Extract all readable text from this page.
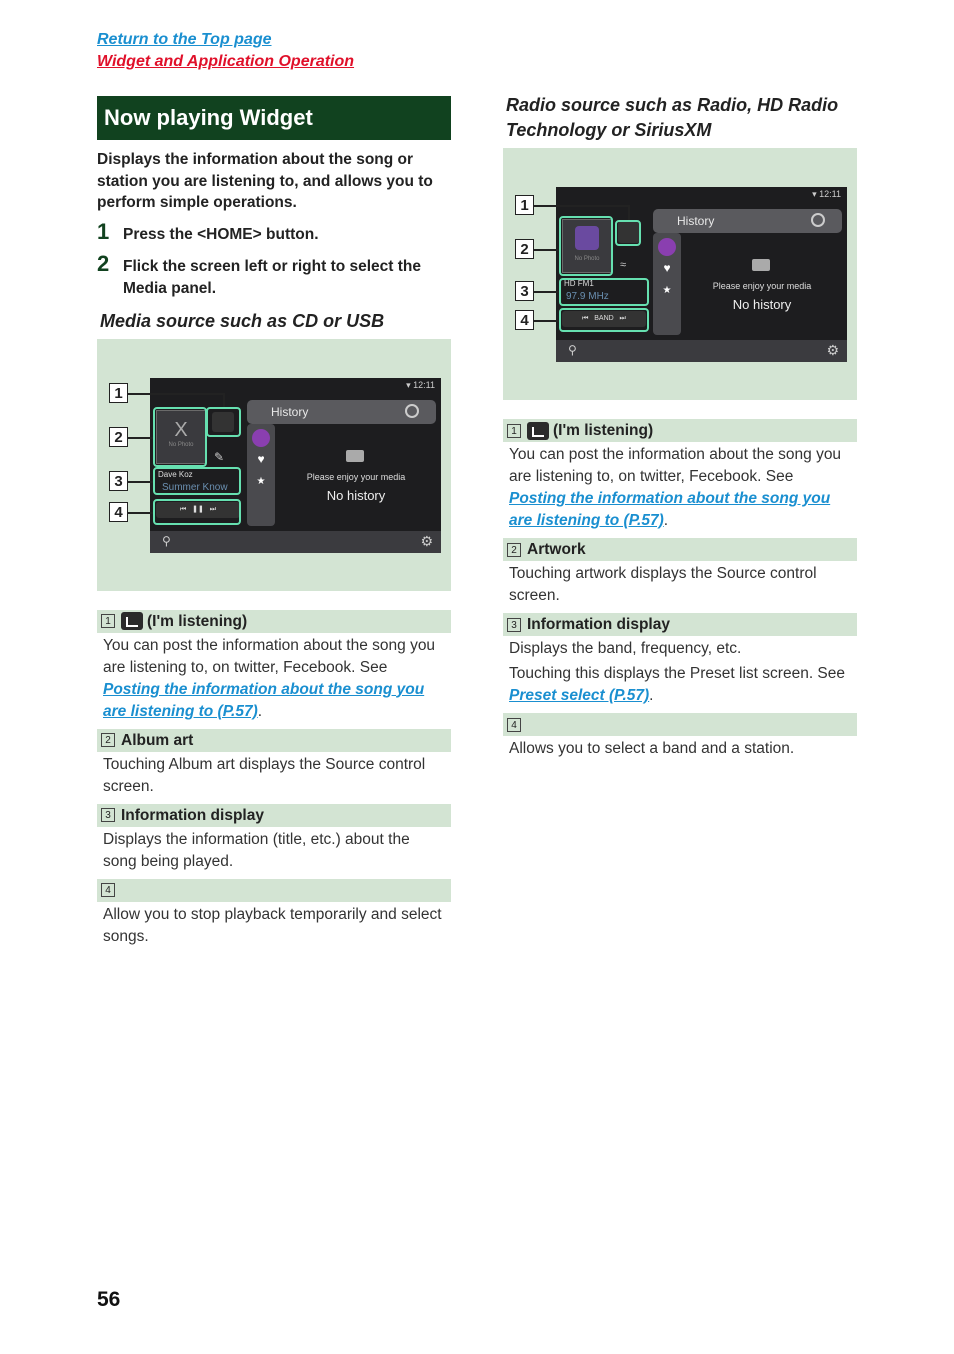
Return to the Top page
Widget and Application Operation
Now playing Widget
Displays the information about the song or station you are listening to, and allows you to perform simple operations.
1 Press the <HOME> button.
2 Flick the screen left or right to select the Media panel.
Media source such as CD or USB
▾ 12:11
X
No Photo
✎
Dave Koz
Summer Know
⏮   ❚❚   ⏭
♥
★
History
Please enjoy your media
No history
⚲	⚙
1
2
3
4
1 (I'm listening)
You can post the information about the song you are listening to, on twitter, Fecebook. See Posting the information about the song you are listening to (P.57).
2 Album art
Touching Album art displays the Source control screen.
3 Information display
Displays the information (title, etc.) about the song being played.
4
Allow you to stop playback temporarily and select songs.
Radio source such as Radio, HD Radio Technology or SiriusXM
▾ 12:11
No Photo	≈
HD FM1
97.9 MHz
⏮   BAND   ⏭
♥
★
History
Please enjoy your media
No history
⚲	⚙
1
2
3
4
1 (I'm listening)
You can post the information about the song you are listening to, on twitter, Fecebook. See Posting the information about the song you are listening to (P.57).
2 Artwork
Touching artwork displays the Source control screen.
3 Information display
Displays the band, frequency, etc.
Touching this displays the Preset list screen. See Preset select (P.57).
4
Allows you to select a band and a station.
56
